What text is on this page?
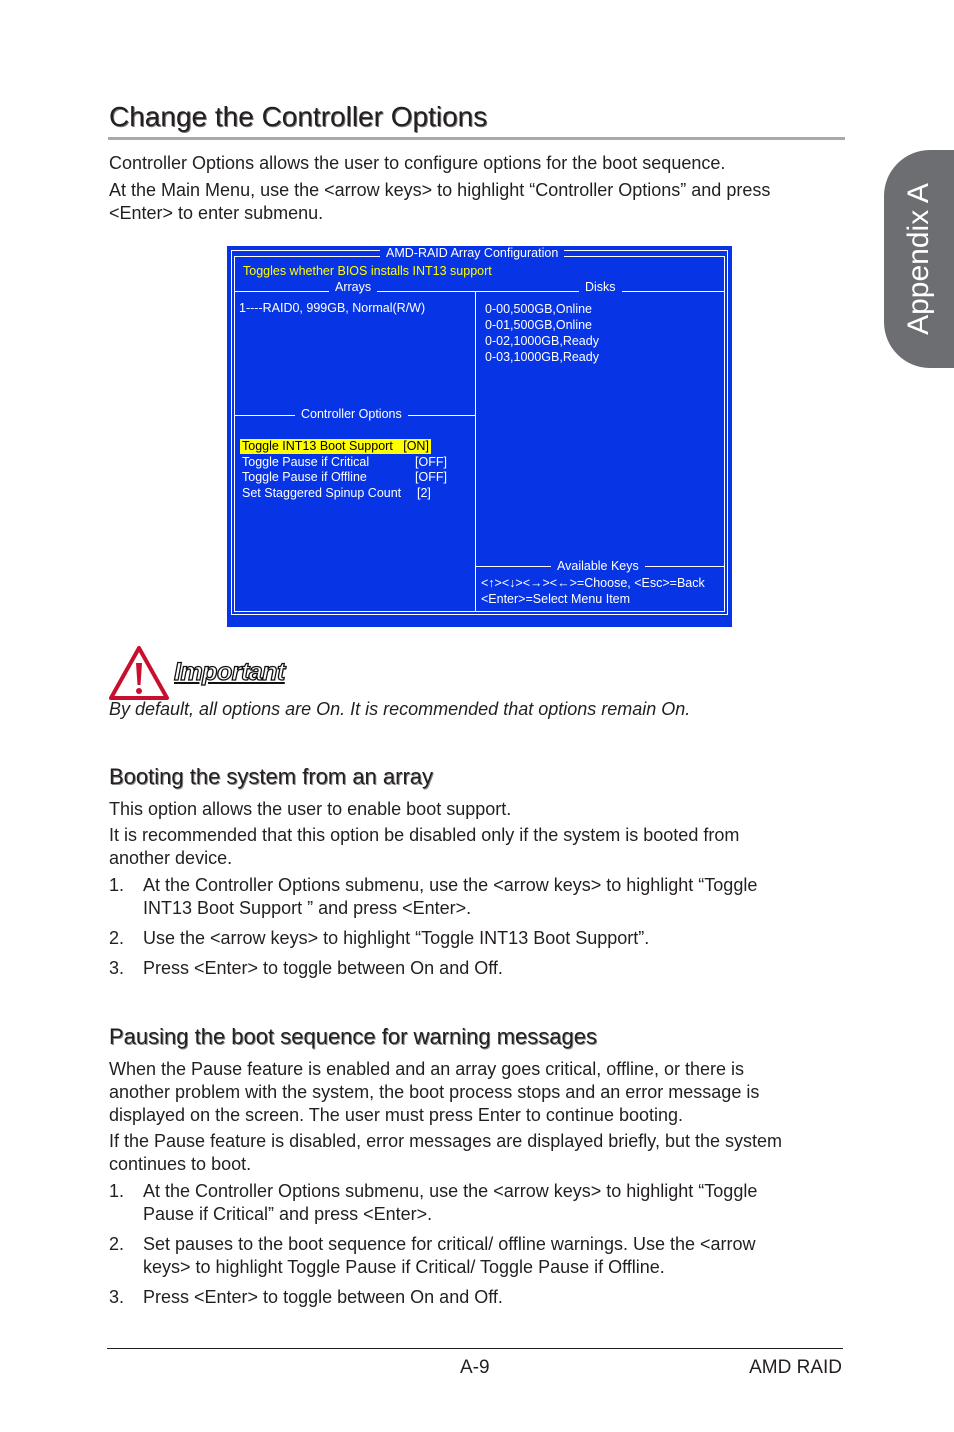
Appendix A
Change the Controller Options

Controller Options allows the user to configure options for the boot sequence.

At the Main Menu, use the <arrow keys> to highlight “Controller Options” and press

<Enter> to enter submenu.

AMD-RAID Array Configuration
Toggles whether BIOS installs INT13 support
Arrays	Disks
1----RAID0, 999GB, Normal(R/W)	0-00,500GB,Online
0-01,500GB,Online
0-02,1000GB,Ready
0-03,1000GB,Ready
Controller Options
Toggle INT13 Boot Support [ON]
Toggle Pause if Critical	[OFF]
Toggle Pause if Offline	[OFF]
Set Staggered Spinup Count [2]
Available Keys
<↑><↓><→><←>=Choose, <Esc>=Back
<Enter>=Select Menu Item
Important

By default, all options are On. It is recommended that options remain On.

Booting the system from an array

This option allows the user to enable boot support.

It is recommended that this option be disabled only if the system is booted from

another device.

1. At the Controller Options submenu, use the <arrow keys> to highlight “Toggle
INT13 Boot Support ” and press <Enter>.
2. Use the <arrow keys> to highlight “Toggle INT13 Boot Support”.
3. Press <Enter> to toggle between On and Off.
Pausing the boot sequence for warning messages

When the Pause feature is enabled and an array goes critical, offline, or there is

another problem with the system, the boot process stops and an error message is

displayed on the screen. The user must press Enter to continue booting.

If the Pause feature is disabled, error messages are displayed briefly, but the system

continues to boot.

1. At the Controller Options submenu, use the <arrow keys> to highlight “Toggle
Pause if Critical” and press <Enter>.
2. Set pauses to the boot sequence for critical/ offline warnings. Use the <arrow
keys> to highlight Toggle Pause if Critical/ Toggle Pause if Offline.
3. Press <Enter> to toggle between On and Off.
A-9	AMD RAID
